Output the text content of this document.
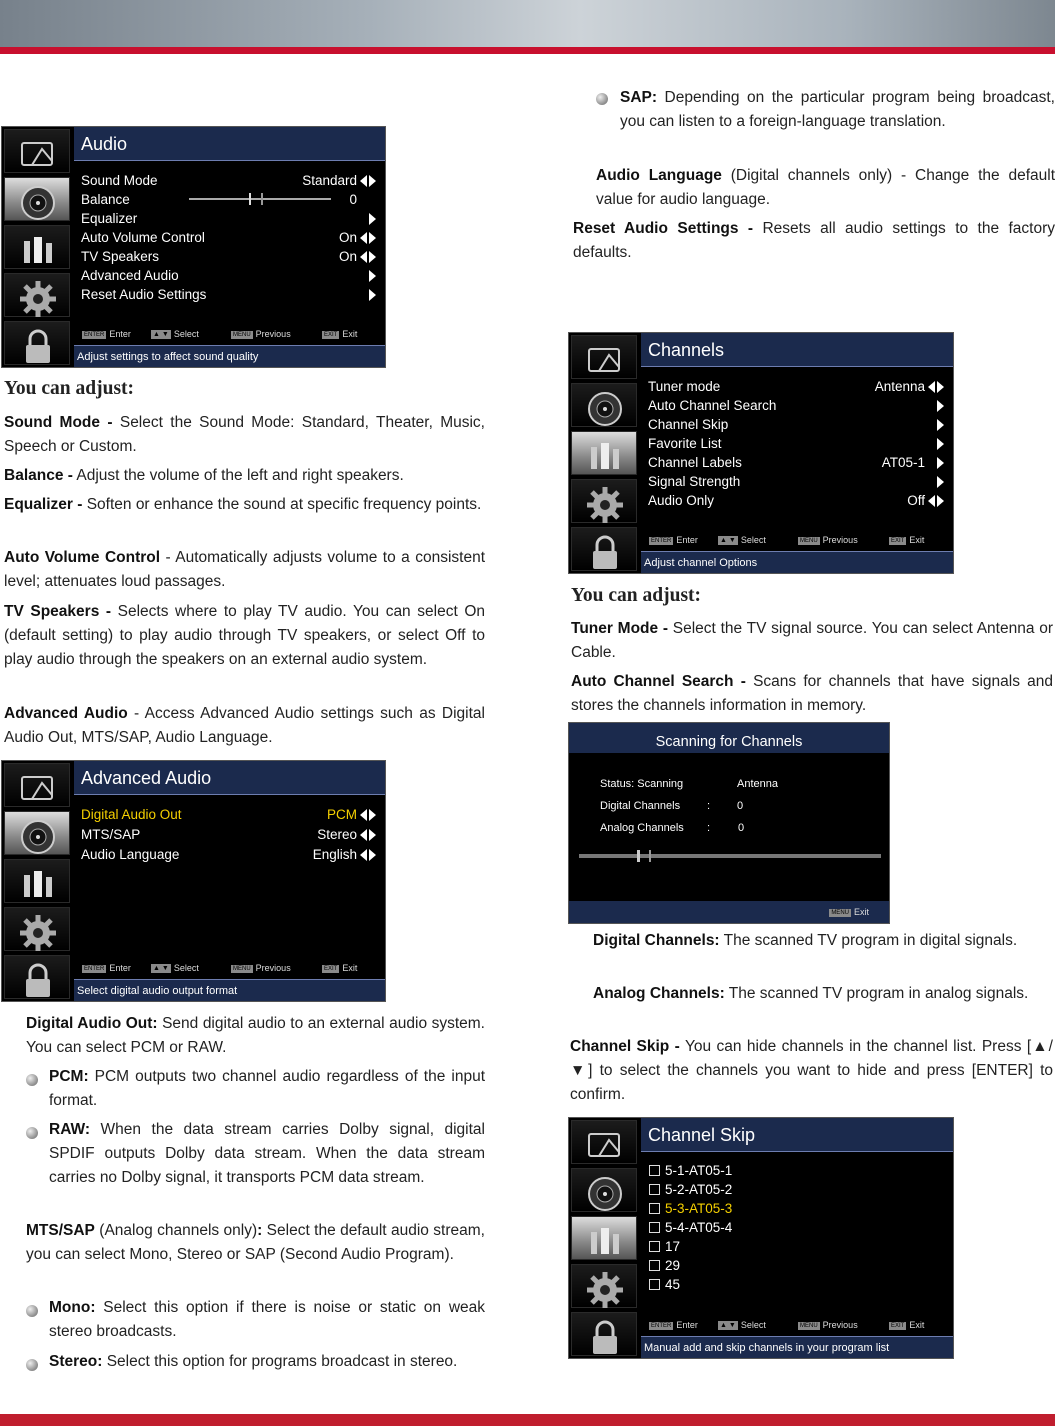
Audio
Sound Mode	Standard
Balance	0
Equalizer
Auto Volume Control	On
TV Speakers	On
Advanced Audio
Reset Audio Settings
ENTER Enter	▲ ▼ Select	MENU Previous	EXIT Exit
Adjust settings to affect sound quality
You can adjust:
Sound Mode - Select the Sound Mode: Standard, Theater, Music, Speech or Custom.
Balance - Adjust the volume of the left and right speakers.
Equalizer - Soften or enhance the sound at specific frequency points.
Auto Volume Control - Automatically adjusts volume to a consistent level; attenuates loud passages.
TV Speakers - Selects where to play TV audio. You can select On (default setting) to play audio through TV speakers, or select Off to play audio through the speakers on an external audio system.
Advanced Audio - Access Advanced Audio settings such as Digital Audio Out, MTS/SAP, Audio Language.
Advanced Audio
Digital Audio Out	PCM
MTS/SAP	Stereo
Audio Language	English
ENTER Enter	▲ ▼ Select	MENU Previous	EXIT Exit
Select digital audio output format
Digital Audio Out: Send digital audio to an external audio system. You can select PCM or RAW.
PCM: PCM outputs two channel audio regardless of the input format.
RAW: When the data stream carries Dolby signal, digital SPDIF outputs Dolby data stream. When the data stream carries no Dolby signal, it transports PCM data stream.
MTS/SAP (Analog channels only): Select the default audio stream, you can select Mono, Stereo or SAP (Second Audio Program).
Mono: Select this option if there is noise or static on weak stereo broadcasts.
Stereo: Select this option for programs broadcast in stereo.
SAP: Depending on the particular program being broadcast, you can listen to a foreign-language translation.
Audio Language (Digital channels only) - Change the default value for audio language.
Reset Audio Settings - Resets all audio settings to the factory defaults.
Channels
Tuner mode	Antenna
Auto Channel Search
Channel Skip
Favorite List
Channel Labels	AT05-1
Signal Strength
Audio Only	Off
ENTER Enter	▲ ▼ Select	MENU Previous	EXIT Exit
Adjust channel Options
You can adjust:
Tuner Mode - Select the TV signal source. You can select Antenna or Cable.
Auto Channel Search - Scans for channels that have signals and stores the channels information in memory.
Scanning for Channels
Status: Scanning	Antenna
Digital Channels : 0
Analog Channels :	0
MENU Exit
Digital Channels: The scanned TV program in digital signals.
Analog Channels: The scanned TV program in analog signals.
Channel Skip - You can hide channels in the channel list. Press [▲/▼] to select the channels you want to hide and press [ENTER] to confirm.
Channel Skip
5-1-AT05-1
5-2-AT05-2
5-3-AT05-3
5-4-AT05-4
17
29
45
ENTER Enter	▲ ▼ Select	MENU Previous	EXIT Exit
Manual add and skip channels in your program list
